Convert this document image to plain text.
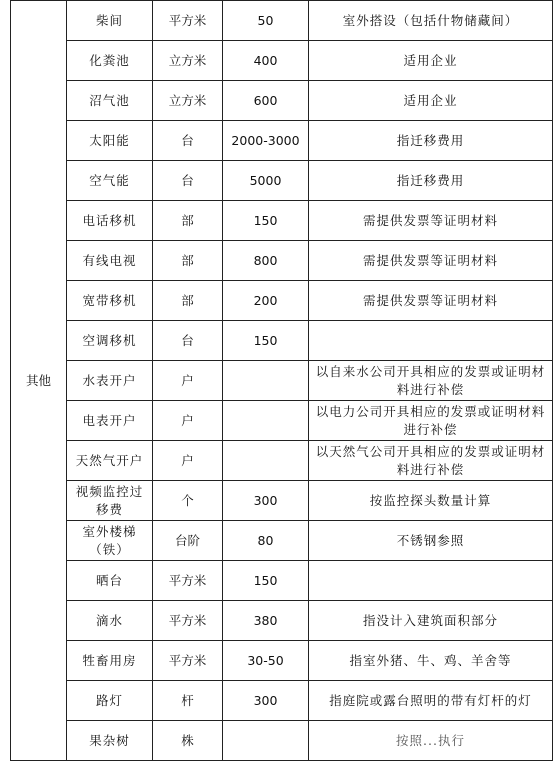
其他	柴间	平方米	50	室外搭设（包括什物储藏间）
	化粪池	立方米	400	适用企业
	沼气池	立方米	600	适用企业
	太阳能	台	2000-3000	指迁移费用
	空气能	台	5000	指迁移费用
	电话移机	部	150	需提供发票等证明材料
	有线电视	部	800	需提供发票等证明材料
	宽带移机	部	200	需提供发票等证明材料
	空调移机	台	150	
	水表开户	户		以自来水公司开具相应的发票或证明材料进行补偿
	电表开户	户		以电力公司开具相应的发票或证明材料进行补偿
	天然气开户	户		以天然气公司开具相应的发票或证明材料进行补偿
	视频监控过移费	个	300	按监控探头数量计算
	室外楼梯（铁）	台阶	80	不锈钢参照
	晒台	平方米	150	
	滴水	平方米	380	指没计入建筑面积部分
	牲畜用房	平方米	30-50	指室外猪、牛、鸡、羊舍等
	路灯	杆	300	指庭院或露台照明的带有灯杆的灯
	果杂树	株		按照...执行
